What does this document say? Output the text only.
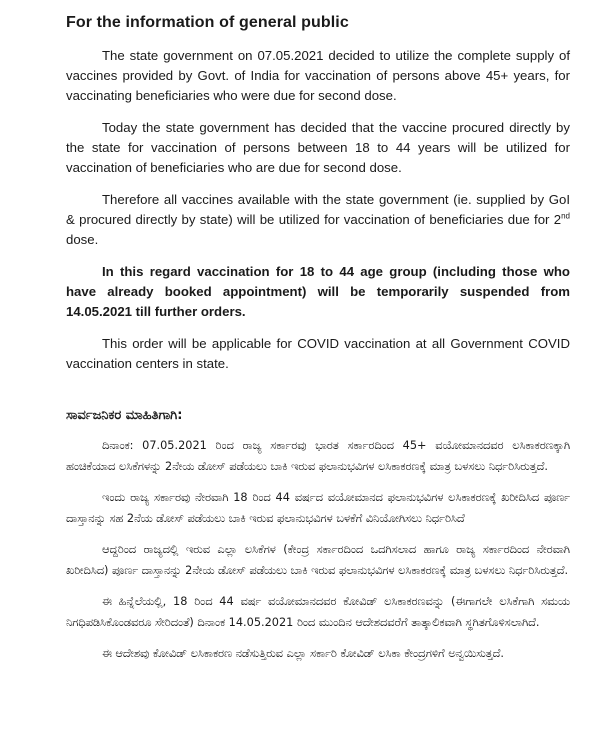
For the information of general public

The state government on 07.05.2021 decided to utilize the complete supply of vaccines provided by Govt. of India for vaccination of persons above 45+ years, for vaccinating beneficiaries who were due for second dose.

Today the state government has decided that the vaccine procured directly by the state for vaccination of persons between 18 to 44 years will be utilized for vaccination of beneficiaries who are due for second dose.

Therefore all vaccines available with the state government (ie. supplied by GoI & procured directly by state) will be utilized for vaccination of beneficiaries due for 2nd dose.

In this regard vaccination for 18 to 44 age group (including those who have already booked appointment) will be temporarily suspended from 14.05.2021 till further orders.

This order will be applicable for COVID vaccination at all Government COVID vaccination centers in state.

ಸಾರ್ವಜನಿಕರ ಮಾಹಿತಿಗಾಗಿ:

ದಿನಾಂಕ: 07.05.2021 ರಿಂದ ರಾಜ್ಯ ಸರ್ಕಾರವು ಭಾರತ ಸರ್ಕಾರದಿಂದ 45+ ವಯೋಮಾನದವರ ಲಸಿಕಾಕರಣಕ್ಕಾಗಿ ಹಂಚಿಕೆಯಾದ ಲಸಿಕೆಗಳನ್ನು 2ನೇಯ ಡೋಸ್ ಪಡೆಯಲು ಬಾಕಿ ಇರುವ ಫಲಾನುಭವಿಗಳ ಲಸಿಕಾಕರಣಕ್ಕೆ ಮಾತ್ರ ಬಳಸಲು ನಿರ್ಧರಿಸಿರುತ್ತದೆ.

ಇಂದು ರಾಜ್ಯ ಸರ್ಕಾರವು ನೇರವಾಗಿ 18 ರಿಂದ 44 ವರ್ಷದ ವಯೋಮಾನದ ಫಲಾನುಭವಿಗಳ ಲಸಿಕಾಕರಣಕ್ಕೆ ಖರೀದಿಸಿದ ಪೂರ್ಣ ದಾಸ್ತಾನನ್ನು ಸಹ 2ನೆಯ ಡೋಸ್ ಪಡೆಯಲು ಬಾಕಿ ಇರುವ ಫಲಾನುಭವಿಗಳ ಬಳಕೆಗೆ ವಿನಿಯೋಗಿಸಲು ನಿರ್ಧರಿಸಿದೆ

ಆದ್ದರಿಂದ ರಾಜ್ಯದಲ್ಲಿ ಇರುವ ಎಲ್ಲಾ ಲಸಿಕೆಗಳ (ಕೇಂದ್ರ ಸರ್ಕಾರದಿಂದ ಒದಗಿಸಲಾದ ಹಾಗೂ ರಾಜ್ಯ ಸರ್ಕಾರದಿಂದ ನೇರವಾಗಿ ಖರೀದಿಸಿದ) ಪೂರ್ಣ ದಾಸ್ತಾನನ್ನು 2ನೇಯ ಡೋಸ್ ಪಡೆಯಲು ಬಾಕಿ ಇರುವ ಫಲಾನುಭವಿಗಳ ಲಸಿಕಾಕರಣಕ್ಕೆ ಮಾತ್ರ ಬಳಸಲು ನಿರ್ಧರಿಸಿರುತ್ತದೆ.

ಈ ಹಿನ್ನೆಲೆಯಲ್ಲಿ, 18 ರಿಂದ 44 ವರ್ಷ ವಯೋಮಾನದವರ ಕೋವಿಡ್ ಲಸಿಕಾಕರಣವನ್ನು (ಈಗಾಗಲೇ ಲಸಿಕೆಗಾಗಿ ಸಮಯ ನಿಗಧಿಪಡಿಸಿಕೊಂಡವರೂ ಸೇರಿದಂತೆ) ದಿನಾಂಕ 14.05.2021 ರಿಂದ ಮುಂದಿನ ಆದೇಶದವರೆಗೆ ತಾತ್ಕಾಲಿಕವಾಗಿ ಸ್ಥಗಿತಗೊಳಿಸಲಾಗಿದೆ.

ಈ ಆದೇಶವು ಕೋವಿಡ್ ಲಸಿಕಾಕರಣ ನಡೆಸುತ್ತಿರುವ ಎಲ್ಲಾ ಸರ್ಕಾರಿ ಕೋವಿಡ್ ಲಸಿಕಾ ಕೇಂದ್ರಗಳಿಗೆ ಅನ್ವಯಿಸುತ್ತದೆ.
